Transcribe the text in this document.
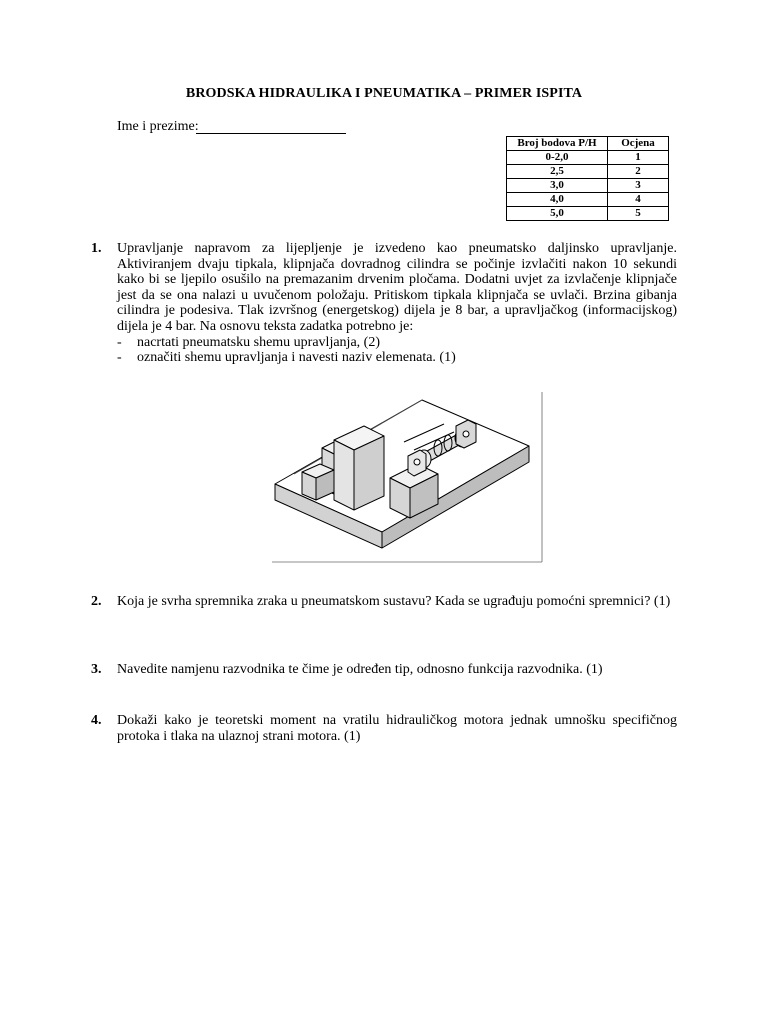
BRODSKA HIDRAULIKA I PNEUMATIKA – PRIMER ISPITA
Ime i prezime:
Broj bodova P/H	Ocjena
0-2,0	1
2,5	2
3,0	3
4,0	4
5,0	5
1. Upravljanje napravom za lijepljenje je izvedeno kao pneumatsko daljinsko upravljanje. Aktiviranjem dvaju tipkala, klipnjača dovradnog cilindra se počinje izvlačiti nakon 10 sekundi kako bi se ljepilo osušilo na premazanim drvenim pločama. Dodatni uvjet za izvlačenje klipnjače jest da se ona nalazi u uvučenom položaju. Pritiskom tipkala klipnjača se uvlači. Brzina gibanja cilindra je podesiva. Tlak izvršnog (energetskog) dijela je 8 bar, a upravljačkog (informacijskog) dijela je 4 bar. Na osnovu teksta zadatka potrebno je:

- nacrtati pneumatsku shemu upravljanja, (2)
- označiti shemu upravljanja i navesti naziv elemenata. (1)
2. Koja je svrha spremnika zraka u pneumatskom sustavu? Kada se ugrađuju pomoćni spremnici? (1)
3. Navedite namjenu razvodnika te čime je određen tip, odnosno funkcija razvodnika. (1)
4. Dokaži kako je teoretski moment na vratilu hidrauličkog motora jednak umnošku specifičnog protoka i tlaka na ulaznoj strani motora. (1)
